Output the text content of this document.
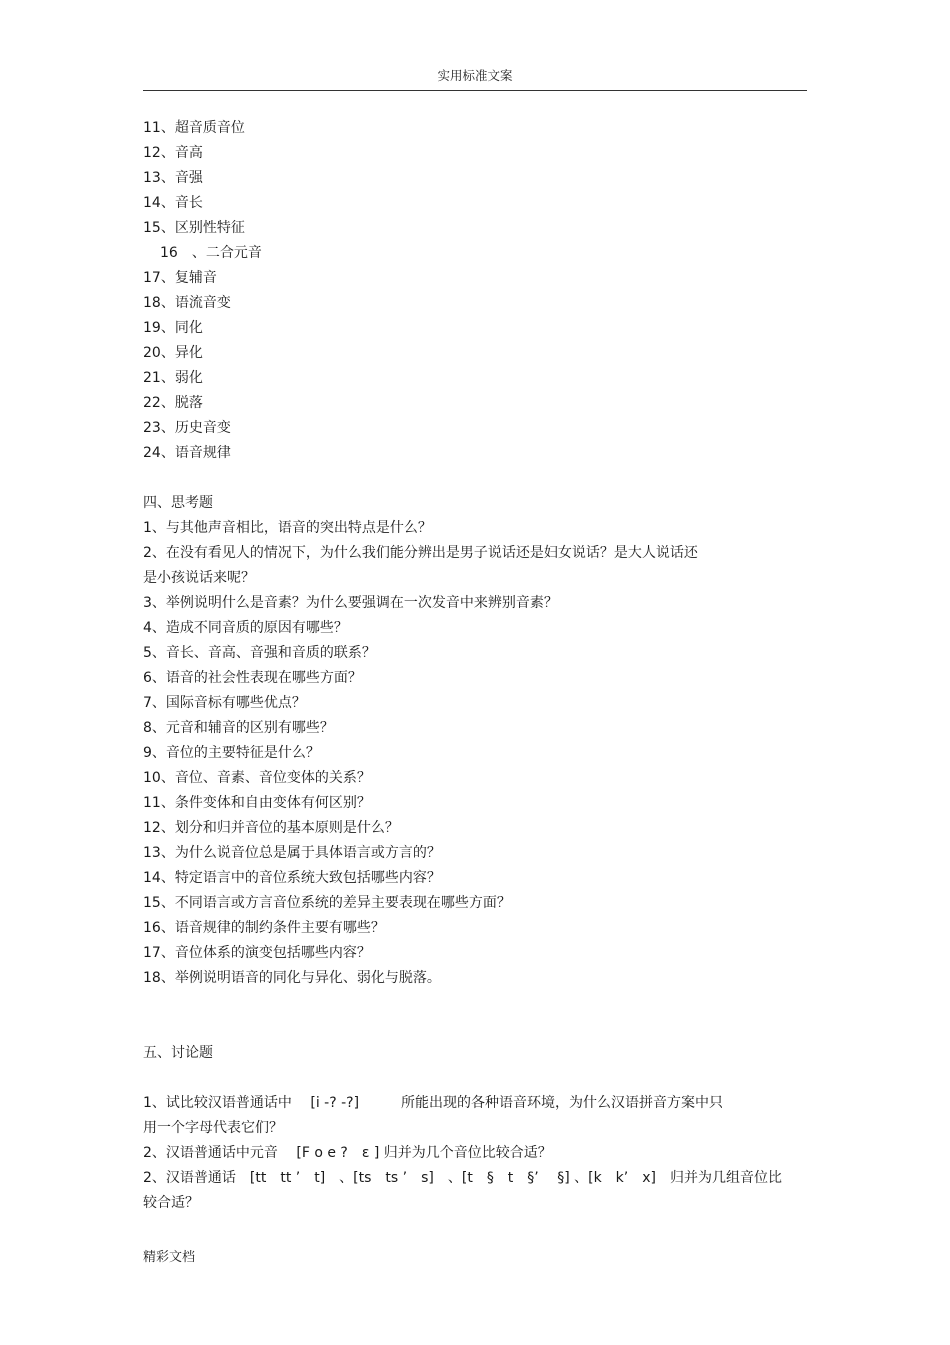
实用标准文案
11、超音质音位
12、音高
13、音强
14、音长
15、区别性特征
16　、二合元音
17、复辅音
18、语流音变
19、同化
20、异化
21、弱化
22、脱落
23、历史音变
24、语音规律
四、思考题
1、与其他声音相比，语音的突出特点是什么？
2、在没有看见人的情况下，为什么我们能分辨出是男子说话还是妇女说话？是大人说话还
是小孩说话来呢？
3、举例说明什么是音素？为什么要强调在一次发音中来辨别音素？
4、造成不同音质的原因有哪些？
5、音长、音高、音强和音质的联系？
6、语音的社会性表现在哪些方面？
7、国际音标有哪些优点？
8、元音和辅音的区别有哪些？
9、音位的主要特征是什么？
10、音位、音素、音位变体的关系？
11、条件变体和自由变体有何区别？
12、划分和归并音位的基本原则是什么？
13、为什么说音位总是属于具体语言或方言的？
14、特定语言中的音位系统大致包括哪些内容？
15、不同语言或方言音位系统的差异主要表现在哪些方面？
16、语音规律的制约条件主要有哪些？
17、音位体系的演变包括哪些内容？
18、举例说明语音的同化与异化、弱化与脱落。
五、讨论题
1、试比较汉语普通话中　 [i -? -?]　　　所能出现的各种语音环境，为什么汉语拼音方案中只
用一个字母代表它们？
2、汉语普通话中元音　 [F o e ?　ε ] 归并为几个音位比较合适？
2、汉语普通话　[tt　tt ’　t]　、[ts　ts ’　s]　、[t　§　t　§’　 §] 、[k　k’　x]　归并为几组音位比
较合适？
精彩文档
